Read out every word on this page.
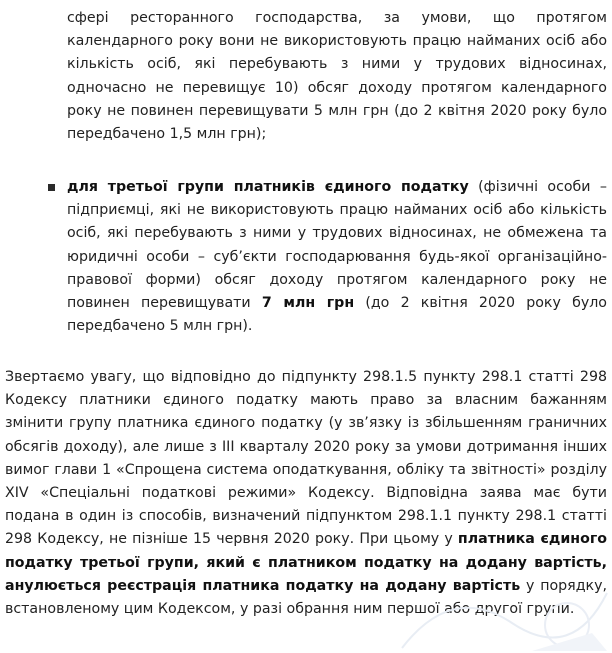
сфері ресторанного господарства, за умови, що протягом календарного року вони не використовують працю найманих осіб або кількість осіб, які перебувають з ними у трудових відносинах, одночасно не перевищує 10) обсяг доходу протягом календарного року не повинен перевищувати 5 млн грн (до 2 квітня 2020 року було передбачено 1,5 млн грн);

для третьої групи платників єдиного податку (фізичні особи – підприємці, які не використовують працю найманих осіб або кількість осіб, які перебувають з ними у трудових відносинах, не обмежена та юридичні особи – суб’єкти господарювання будь-якої організаційно-правової форми) обсяг доходу протягом календарного року не повинен перевищувати 7 млн грн (до 2 квітня 2020 року було передбачено 5 млн грн).

Звертаємо увагу, що відповідно до підпункту 298.1.5 пункту 298.1 статті 298 Кодексу платники єдиного податку мають право за власним бажанням змінити групу платника єдиного податку (у зв’язку із збільшенням граничних обсягів доходу), але лише з III кварталу 2020 року за умови дотримання інших вимог глави 1 «Спрощена система оподаткування, обліку та звітності» розділу XIV «Спеціальні податкові режими» Кодексу. Відповідна заява має бути подана в один із способів, визначений підпунктом 298.1.1 пункту 298.1 статті 298 Кодексу, не пізніше 15 червня 2020 року. При цьому у платника єдиного податку третьої групи, який є платником податку на додану вартість, анулюється реєстрація платника податку на додану вартість у порядку, встановленому цим Кодексом, у разі обрання ним першої або другої групи.
